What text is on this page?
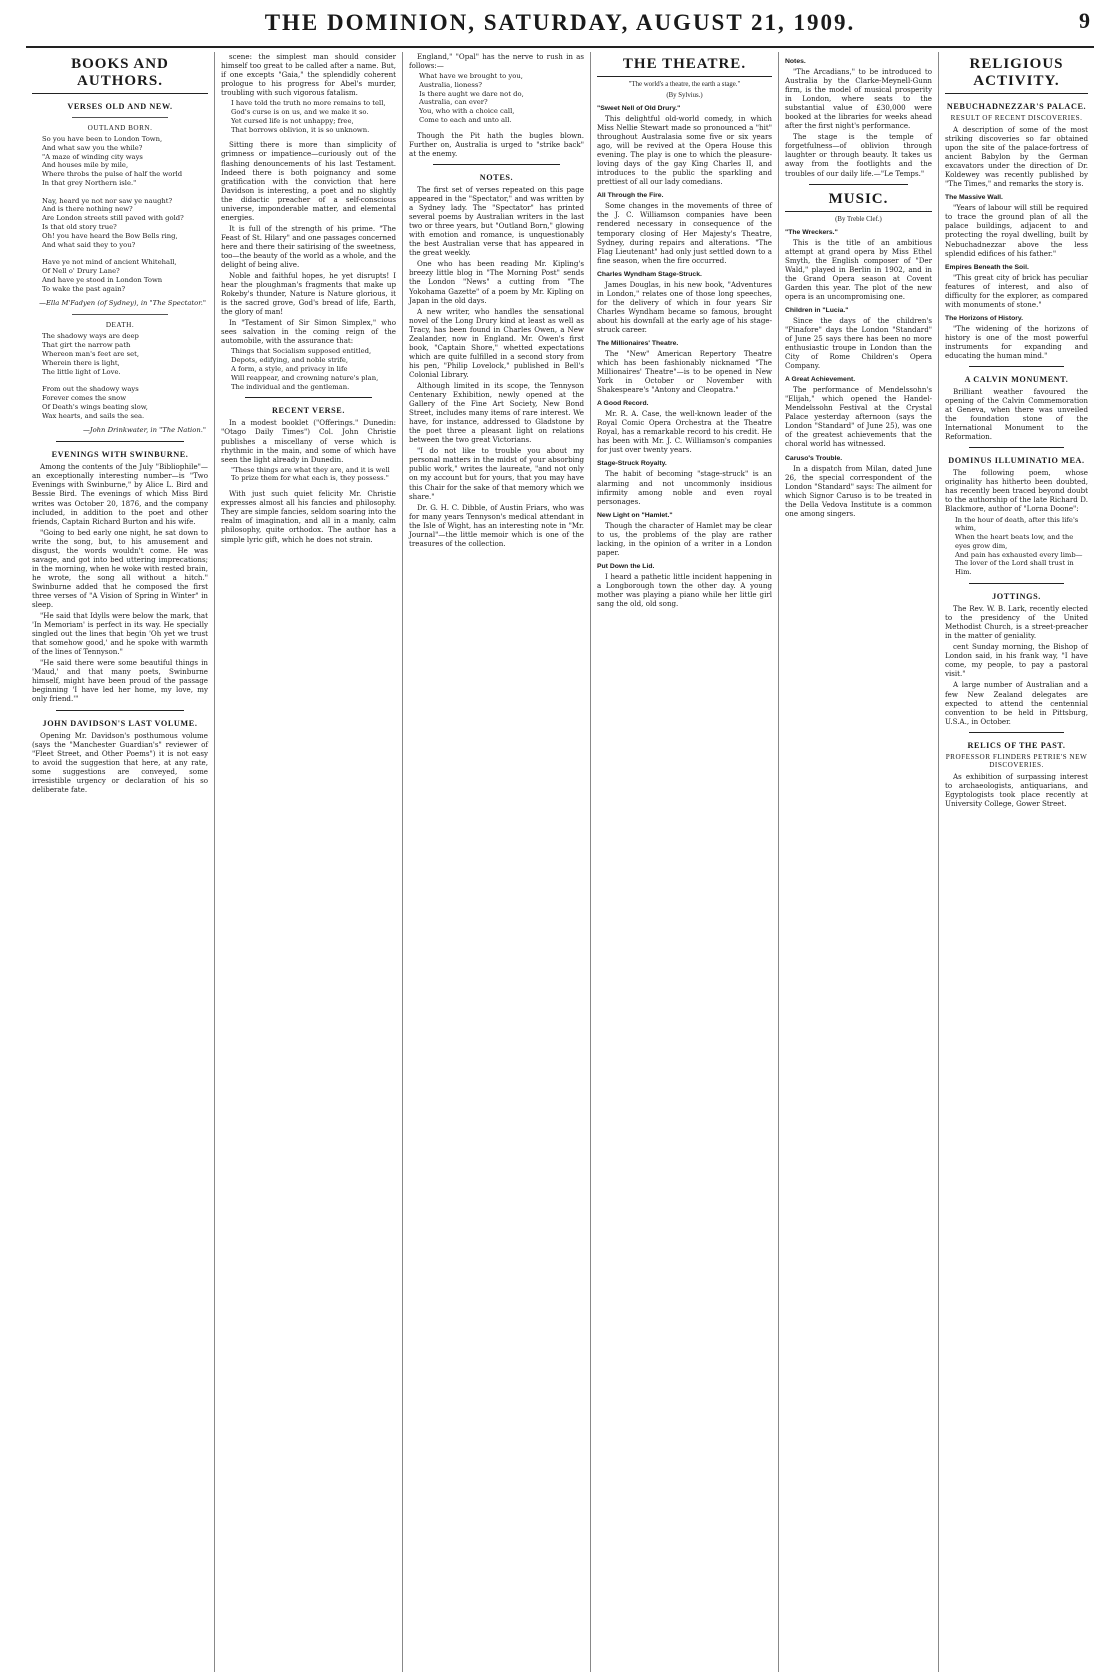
THE DOMINION, SATURDAY, AUGUST 21, 1909.	9
BOOKS AND AUTHORS.
VERSES OLD AND NEW.
OUTLAND BORN.
So you have been to London Town,
And what saw you the while?
"A maze of winding city ways
And houses mile by mile,
Where throbs the pulse of half the world
In that grey Northern isle."

Nay, heard ye not nor saw ye naught?
And is there nothing new?
Are London streets still paved with gold?
Is that old story true?
Oh! you have heard the Bow Bells ring,
And what said they to you?

Have ye not mind of ancient Whitehall,
Of Nell o' Drury Lane?
And have ye stood in London Town
To wake the past again?
—Ella M'Fadyen (of Sydney), in "The Spectator."
DEATH.
The shadowy ways are deep
That girt the narrow path
Whereon man's feet are set,
Wherein there is light,
The little light of Love.

From out the shadowy ways
Forever comes the snow
Of Death's wings beating slow,
Wax hearts, and sails the sea.
—John Drinkwater, in "The Nation."
EVENINGS WITH SWINBURNE.

Among the contents of the July "Bibliophile"—an exceptionally interesting number—is "Two Evenings with Swinburne," by Alice L. Bird and Bessie Bird. The evenings of which Miss Bird writes was October 20, 1876, and the company included, in addition to the poet and other friends, Captain Richard Burton and his wife.

"Going to bed early one night, he sat down to write the song, but, to his amusement and disgust, the words wouldn't come. He was savage, and got into bed uttering imprecations; in the morning, when he woke with rested brain, he wrote, the song all without a hitch." Swinburne added that he composed the first three verses of "A Vision of Spring in Winter" in sleep.

"He said that Idylls were below the mark, that 'In Memoriam' is perfect in its way. He specially singled out the lines that begin 'Oh yet we trust that somehow good,' and he spoke with warmth of the lines of Tennyson."

"He said there were some beautiful things in 'Maud,' and that many poets, Swinburne himself, might have been proud of the passage beginning 'I have led her home, my love, my only friend.'"

JOHN DAVIDSON'S LAST VOLUME.

Opening Mr. Davidson's posthumous volume (says the "Manchester Guardian's" reviewer of "Fleet Street, and Other Poems") it is not easy to avoid the suggestion that here, at any rate, some suggestions are conveyed, some irresistible urgency or declaration of his so deliberate fate.

scene: the simplest man should consider himself too great to be called after a name. But, if one excepts "Gaia," the splendidly coherent prologue to his progress for Abel's murder, troubling with such vigorous fatalism.

I have told the truth no more remains to tell,
God's curse is on us, and we make it so.
Yet cursed life is not unhappy; free,
That borrows oblivion, it is so unknown.

Sitting there is more than simplicity of grimness or impatience—curiously out of the flashing denouncements of his last Testament. Indeed there is both poignancy and some gratification with the conviction that here Davidson is interesting, a poet and no slightly the didactic preacher of a self-conscious universe, imponderable matter, and elemental energies.

It is full of the strength of his prime. "The Feast of St. Hilary" and one passages concerned here and there their satirising of the sweetness, too—the beauty of the world as a whole, and the delight of being alive.

Noble and faithful hopes, he yet disrupts! I hear the ploughman's fragments that make up Rokeby's thunder, Nature is Nature glorious, it is the sacred grove, God's bread of life, Earth, the glory of man!

In "Testament of Sir Simon Simplex," who sees salvation in the coming reign of the automobile, with the assurance that:

Things that Socialism supposed entitled,
Depots, edifying, and noble strife,
A form, a style, and privacy in life
Will reappear, and crowning nature's plan,
The individual and the gentleman.
RECENT VERSE.

In a modest booklet ("Offerings." Dunedin: "Otago Daily Times") Col. John Christie publishes a miscellany of verse which is rhythmic in the main, and some of which have seen the light already in Dunedin.

"These things are what they are, and it is well
To prize them for what each is, they possess."

With just such quiet felicity Mr. Christie expresses almost all his fancies and philosophy. They are simple fancies, seldom soaring into the realm of imagination, and all in a manly, calm philosophy, quite orthodox. The author has a simple lyric gift, which he does not strain.

England," "Opal" has the nerve to rush in as follows:—

What have we brought to you,
Australia, lioness?
Is there aught we dare not do,
Australia, can ever?
You, who with a choice call,
Come to each and unto all.

Though the Pit hath the bugles blown. Further on, Australia is urged to "strike back" at the enemy.

NOTES.

The first set of verses repeated on this page appeared in the "Spectator," and was written by a Sydney lady. The "Spectator" has printed several poems by Australian writers in the last two or three years, but "Outland Born," glowing with emotion and romance, is unquestionably the best Australian verse that has appeared in the great weekly.

One who has been reading Mr. Kipling's breezy little blog in "The Morning Post" sends the London "News" a cutting from "The Yokohama Gazette" of a poem by Mr. Kipling on Japan in the old days.

A new writer, who handles the sensational novel of the Long Drury kind at least as well as Tracy, has been found in Charles Owen, a New Zealander, now in England. Mr. Owen's first book, "Captain Shore," whetted expectations which are quite fulfilled in a second story from his pen, "Philip Lovelock," published in Bell's Colonial Library.

Although limited in its scope, the Tennyson Centenary Exhibition, newly opened at the Gallery of the Fine Art Society, New Bond Street, includes many items of rare interest. We have, for instance, addressed to Gladstone by the poet three a pleasant light on relations between the two great Victorians.

"I do not like to trouble you about my personal matters in the midst of your absorbing public work," writes the laureate, "and not only on my account but for yours, that you may have this Chair for the sake of that memory which we share."

Dr. G. H. C. Dibble, of Austin Friars, who was for many years Tennyson's medical attendant in the Isle of Wight, has an interesting note in "Mr. Journal"—the little memoir which is one of the treasures of the collection.

THE THEATRE.
"The world's a theatre, the earth a stage."
(By Sylvius.)
"Sweet Nell of Old Drury."

This delightful old-world comedy, in which Miss Nellie Stewart made so pronounced a "hit" throughout Australasia some five or six years ago, will be revived at the Opera House this evening. The play is one to which the pleasure-loving days of the gay King Charles II, and introduces to the public the sparkling and prettiest of all our lady comedians.

All Through the Fire.

Some changes in the movements of three of the J. C. Williamson companies have been rendered necessary in consequence of the temporary closing of Her Majesty's Theatre, Sydney, during repairs and alterations. "The Flag Lieutenant" had only just settled down to a fine season, when the fire occurred.

Charles Wyndham Stage-Struck.

James Douglas, in his new book, "Adventures in London," relates one of those long speeches, for the delivery of which in four years Sir Charles Wyndham became so famous, brought about his downfall at the early age of his stage-struck career.

The Millionaires' Theatre.

The "New" American Repertory Theatre which has been fashionably nicknamed "The Millionaires' Theatre"—is to be opened in New York in October or November with Shakespeare's "Antony and Cleopatra."

A Good Record.

Mr. R. A. Case, the well-known leader of the Royal Comic Opera Orchestra at the Theatre Royal, has a remarkable record to his credit. He has been with Mr. J. C. Williamson's companies for just over twenty years.

Stage-Struck Royalty.

The habit of becoming "stage-struck" is an alarming and not uncommonly insidious infirmity among noble and even royal personages.

New Light on "Hamlet."

Though the character of Hamlet may be clear to us, the problems of the play are rather lacking, in the opinion of a writer in a London paper.

Put Down the Lid.

I heard a pathetic little incident happening in a Longborough town the other day. A young mother was playing a piano while her little girl sang the old, old song.

Notes.

"The Arcadians," to be introduced to Australia by the Clarke-Meynell-Gunn firm, is the model of musical prosperity in London, where seats to the substantial value of £30,000 were booked at the libraries for weeks ahead after the first night's performance.

The stage is the temple of forgetfulness—of oblivion through laughter or through beauty. It takes us away from the footlights and the troubles of our daily life.—"Le Temps."

MUSIC.
(By Treble Clef.)
"The Wreckers."

This is the title of an ambitious attempt at grand opera by Miss Ethel Smyth, the English composer of "Der Wald," played in Berlin in 1902, and in the Grand Opera season at Covent Garden this year. The plot of the new opera is an uncompromising one.

Children in "Lucia."

Since the days of the children's "Pinafore" days the London "Standard" of June 25 says there has been no more enthusiastic troupe in London than the City of Rome Children's Opera Company.

A Great Achievement.

The performance of Mendelssohn's "Elijah," which opened the Handel-Mendelssohn Festival at the Crystal Palace yesterday afternoon (says the London "Standard" of June 25), was one of the greatest achievements that the choral world has witnessed.

Caruso's Trouble.

In a dispatch from Milan, dated June 26, the special correspondent of the London "Standard" says: The ailment for which Signor Caruso is to be treated in the Della Vedova Institute is a common one among singers.

RELIGIOUS ACTIVITY.
NEBUCHADNEZZAR'S PALACE.
RESULT OF RECENT DISCOVERIES.

A description of some of the most striking discoveries so far obtained upon the site of the palace-fortress of ancient Babylon by the German excavators under the direction of Dr. Koldewey was recently published by "The Times," and remarks the story is.

The Massive Wall.

"Years of labour will still be required to trace the ground plan of all the palace buildings, adjacent to and protecting the royal dwelling, built by Nebuchadnezzar above the less splendid edifices of his father."

Empires Beneath the Soil.

"This great city of brick has peculiar features of interest, and also of difficulty for the explorer, as compared with monuments of stone."

The Horizons of History.

"The widening of the horizons of history is one of the most powerful instruments for expanding and educating the human mind."

A CALVIN MONUMENT.

Brilliant weather favoured the opening of the Calvin Commemoration at Geneva, when there was unveiled the foundation stone of the International Monument to the Reformation.

DOMINUS ILLUMINATIO MEA.

The following poem, whose originality has hitherto been doubted, has recently been traced beyond doubt to the authorship of the late Richard D. Blackmore, author of "Lorna Doone":

In the hour of death, after this life's whim,
When the heart beats low, and the eyes grow dim,
And pain has exhausted every limb—
The lover of the Lord shall trust in Him.
JOTTINGS.

The Rev. W. B. Lark, recently elected to the presidency of the United Methodist Church, is a street-preacher in the matter of geniality.

cent Sunday morning, the Bishop of London said, in his frank way, "I have come, my people, to pay a pastoral visit."

A large number of Australian and a few New Zealand delegates are expected to attend the centennial convention to be held in Pittsburg, U.S.A., in October.

RELICS OF THE PAST.
PROFESSOR FLINDERS PETRIE'S NEW DISCOVERIES.

As exhibition of surpassing interest to archaeologists, antiquarians, and Egyptologists took place recently at University College, Gower Street.
